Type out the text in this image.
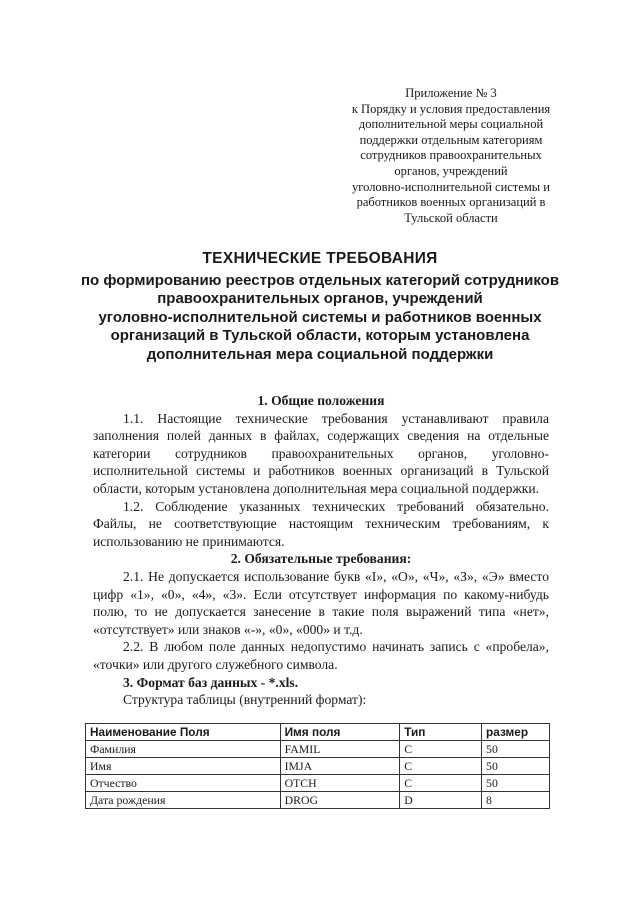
Приложение № 3
к Порядку и условия предоставления
дополнительной меры социальной
поддержки отдельным категориям
сотрудников правоохранительных
органов, учреждений
уголовно-исполнительной системы и
работников военных организаций в
Тульской области
ТЕХНИЧЕСКИЕ ТРЕБОВАНИЯ
по формированию реестров отдельных категорий сотрудников
правоохранительных органов, учреждений
уголовно-исполнительной системы и работников военных
организаций в Тульской области, которым установлена
дополнительная мера социальной поддержки
1. Общие положения

1.1. Настоящие технические требования устанавливают правила заполнения полей данных в файлах, содержащих сведения на отдельные категории сотрудников правоохранительных органов, уголовно-исполнительной системы и работников военных организаций в Тульской области, которым установлена дополнительная мера социальной поддержки.

1.2. Соблюдение указанных технических требований обязательно. Файлы, не соответствующие настоящим техническим требованиям, к использованию не принимаются.

2. Обязательные требования:

2.1. Не допускается использование букв «I», «O», «Ч», «З», «Э» вместо цифр «1», «0», «4», «3». Если отсутствует информация по какому-нибудь полю, то не допускается занесение в такие поля выражений типа «нет», «отсутствует» или знаков «-», «0», «000» и т.д.

2.2. В любом поле данных недопустимо начинать запись с «пробела», «точки» или другого служебного символа.

3. Формат баз данных - *.xls.
Структура таблицы (внутренний формат):
Наименование Поля	Имя поля	Тип	размер
Фамилия	FAMIL	C	50
Имя	IMJA	C	50
Отчество	OTCH	C	50
Дата рождения	DROG	D	8
